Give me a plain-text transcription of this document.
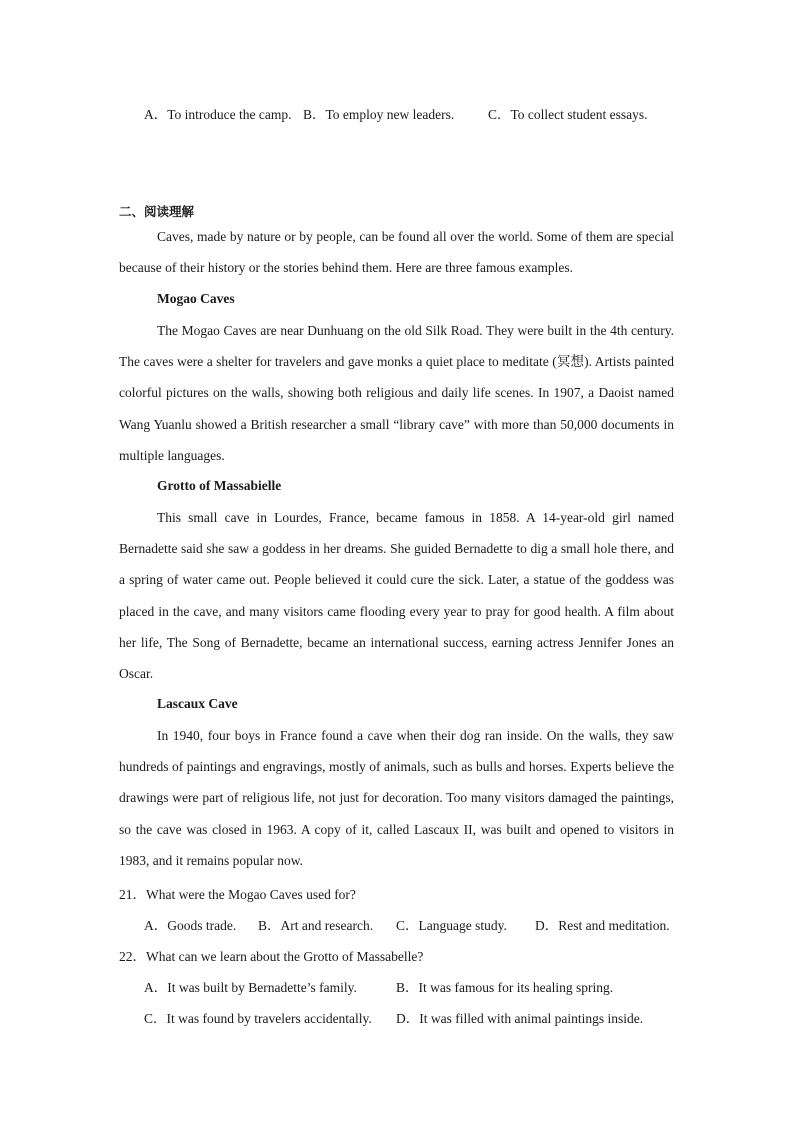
A．To introduce the camp. B．To employ new leaders. C．To collect student essays.
二、阅读理解
Caves, made by nature or by people, can be found all over the world. Some of them are special because of their history or the stories behind them. Here are three famous examples.
Mogao Caves
The Mogao Caves are near Dunhuang on the old Silk Road. They were built in the 4th century. The caves were a shelter for travelers and gave monks a quiet place to meditate (冥想). Artists painted colorful pictures on the walls, showing both religious and daily life scenes. In 1907, a Daoist named Wang Yuanlu showed a British researcher a small “library cave” with more than 50,000 documents in multiple languages.
Grotto of Massabielle
This small cave in Lourdes, France, became famous in 1858. A 14-year-old girl named Bernadette said she saw a goddess in her dreams. She guided Bernadette to dig a small hole there, and a spring of water came out. People believed it could cure the sick. Later, a statue of the goddess was placed in the cave, and many visitors came flooding every year to pray for good health. A film about her life, The Song of Bernadette, became an international success, earning actress Jennifer Jones an Oscar.
Lascaux Cave
In 1940, four boys in France found a cave when their dog ran inside. On the walls, they saw hundreds of paintings and engravings, mostly of animals, such as bulls and horses. Experts believe the drawings were part of religious life, not just for decoration. Too many visitors damaged the paintings, so the cave was closed in 1963. A copy of it, called Lascaux II, was built and opened to visitors in 1983, and it remains popular now.
21．What were the Mogao Caves used for?
A．Goods trade. B．Art and research. C．Language study. D．Rest and meditation.
22．What can we learn about the Grotto of Massabelle?
A．It was built by Bernadette’s family.	B．It was famous for its healing spring.
C．It was found by travelers accidentally. D．It was filled with animal paintings inside.
